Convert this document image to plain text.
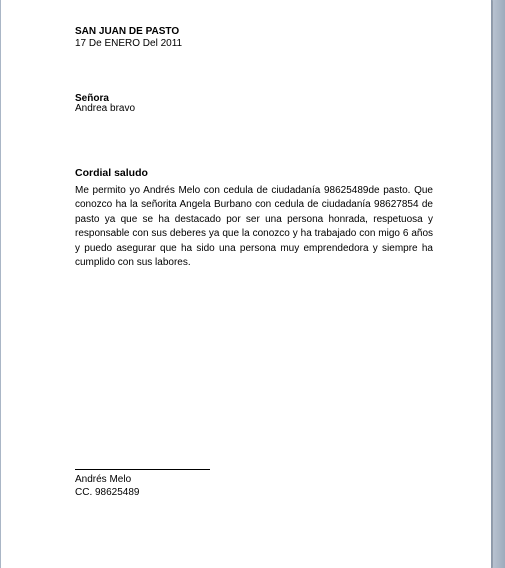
SAN JUAN DE PASTO
17 De ENERO Del 2011
Señora
Andrea bravo
Cordial saludo
Me permito yo Andrés Melo con cedula de ciudadanía 98625489de pasto. Que conozco ha la señorita Angela Burbano con cedula de ciudadanía 98627854 de pasto ya que se ha destacado por ser una persona honrada, respetuosa y responsable con sus deberes ya que la conozco y ha trabajado con migo 6 años y puedo asegurar que ha sido una persona muy emprendedora y siempre ha cumplido con sus labores.
Andrés Melo
CC. 98625489
